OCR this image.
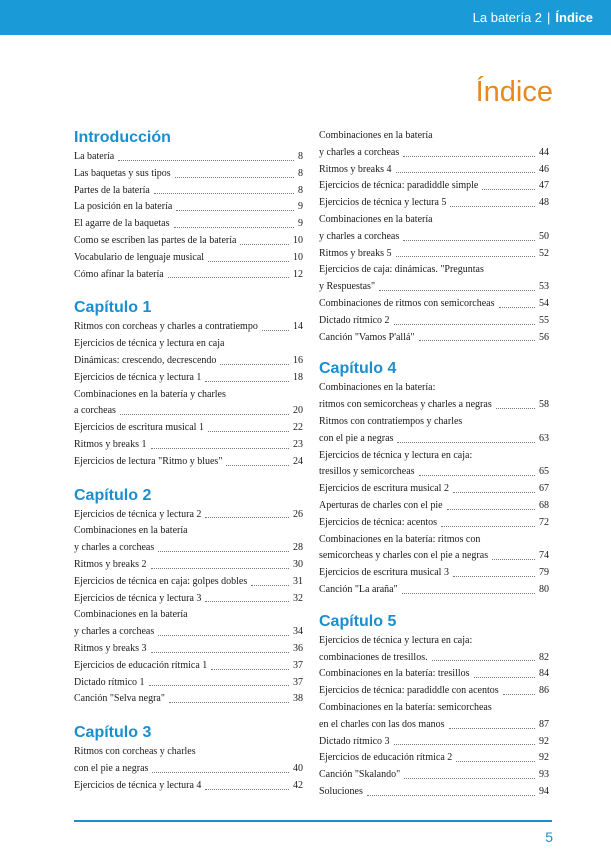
La batería 2 | Índice
Índice
Introducción
La batería	8
Las baquetas y sus tipos	8
Partes de la batería	8
La posición en la batería	9
El agarre de la baquetas	9
Como se escriben las partes de la batería	10
Vocabulario de lenguaje musical	10
Cómo afinar la batería	12
Capítulo 1
Ritmos con corcheas y charles a contratiempo	14
Ejercicios de técnica y lectura en caja
Dinámicas: crescendo, decrescendo	16
Ejercicios de técnica y lectura 1	18
Combinaciones en la batería y charles
a corcheas	20
Ejercicios de escritura musical 1	22
Ritmos y breaks 1	23
Ejercicios de lectura "Ritmo y blues"	24
Capítulo 2
Ejercicios de técnica y lectura 2	26
Combinaciones en la batería
y charles a corcheas	28
Ritmos y breaks 2	30
Ejercicios de técnica en caja: golpes dobles	31
Ejercicios de técnica y lectura 3	32
Combinaciones en la batería
y charles a corcheas	34
Ritmos y breaks 3	36
Ejercicios de educación rítmica 1	37
Dictado rítmico 1	37
Canción "Selva negra"	38
Capítulo 3
Ritmos con corcheas y charles
con el pie a negras	40
Ejercicios de técnica y lectura 4	42
Combinaciones en la batería
y charles a corcheas	44
Ritmos y breaks 4	46
Ejercicios de técnica: paradiddle simple	47
Ejercicios de técnica y lectura 5	48
Combinaciones en la batería
y charles a corcheas	50
Ritmos y breaks 5	52
Ejercicios de caja: dinámicas. "Preguntas
y Respuestas"	53
Combinaciones de ritmos con semicorcheas	54
Dictado rítmico 2	55
Canción "Vamos P'allá"	56
Capítulo 4
Combinaciones en la batería:
ritmos con semicorcheas y charles a negras	58
Ritmos con contratiempos y charles
con el pie a negras	63
Ejercicios de técnica y lectura en caja:
tresillos y semicorcheas	65
Ejercicios de escritura musical 2	67
Aperturas de charles con el pie	68
Ejercicios de técnica: acentos	72
Combinaciones en la batería: ritmos con
semicorcheas y charles con el pie a negras	74
Ejercicios de escritura musical 3	79
Canción "La araña"	80
Capítulo 5
Ejercicios de técnica y lectura en caja:
combinaciones de tresillos.	82
Combinaciones en la batería: tresillos	84
Ejercicios de técnica: paradiddle con acentos	86
Combinaciones en la batería: semicorcheas
en el charles con las dos manos	87
Dictado rítmico 3	92
Ejercicios de educación rítmica 2	92
Canción "Skalando"	93
Soluciones	94
5
